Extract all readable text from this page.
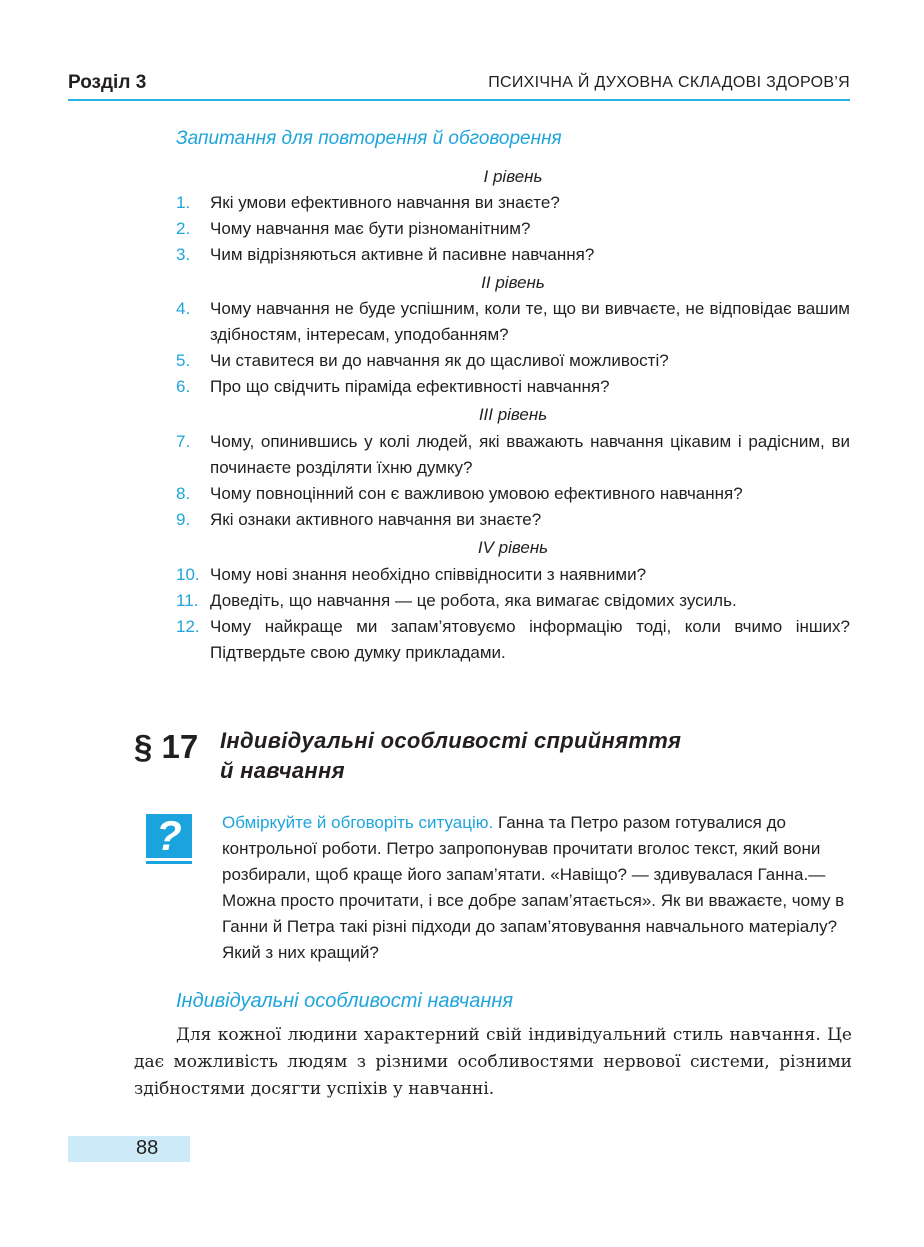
Розділ 3	ПСИХІЧНА Й ДУХОВНА СКЛАДОВІ ЗДОРОВ’Я
Запитання для повторення й обговорення
І рівень
1. Які умови ефективного навчання ви знаєте?
2. Чому навчання має бути різноманітним?
3. Чим відрізняються активне й пасивне навчання?
ІІ рівень
4. Чому навчання не буде успішним, коли те, що ви вивчаєте, не відповідає вашим здібностям, інтересам, уподобанням?
5. Чи ставитеся ви до навчання як до щасливої можливості?
6. Про що свідчить піраміда ефективності навчання?
ІІІ рівень
7. Чому, опинившись у колі людей, які вважають навчання цікавим і радісним, ви починаєте розділяти їхню думку?
8. Чому повноцінний сон є важливою умовою ефективного навчання?
9. Які ознаки активного навчання ви знаєте?
ІV рівень
10. Чому нові знання необхідно співвідносити з наявними?
11. Доведіть, що навчання — це робота, яка вимагає свідомих зусиль.
12. Чому найкраще ми запам’ятовуємо інформацію тоді, коли вчимо інших? Підтвердьте свою думку прикладами.
§ 17 Індивідуальні особливості сприйняття
й навчання
?	Обміркуйте й обговоріть ситуацію. Ганна та Петро разом готувалися до контрольної роботи. Петро запропонував прочитати вголос текст, який вони розбирали, щоб краще його запам’ятати. «Навіщо? — здивувалася Ганна.— Можна просто прочитати, і все добре запам’ятається». Як ви вважаєте, чому в Ганни й Петра такі різні підходи до запам’ятовування навчального матеріалу? Який з них кращий?
Індивідуальні особливості навчання
Для кожної людини характерний свій індивідуальний стиль навчання. Це дає можливість людям з різними особливостями нервової системи, різними здібностями досягти успіхів у навчанні.
88
